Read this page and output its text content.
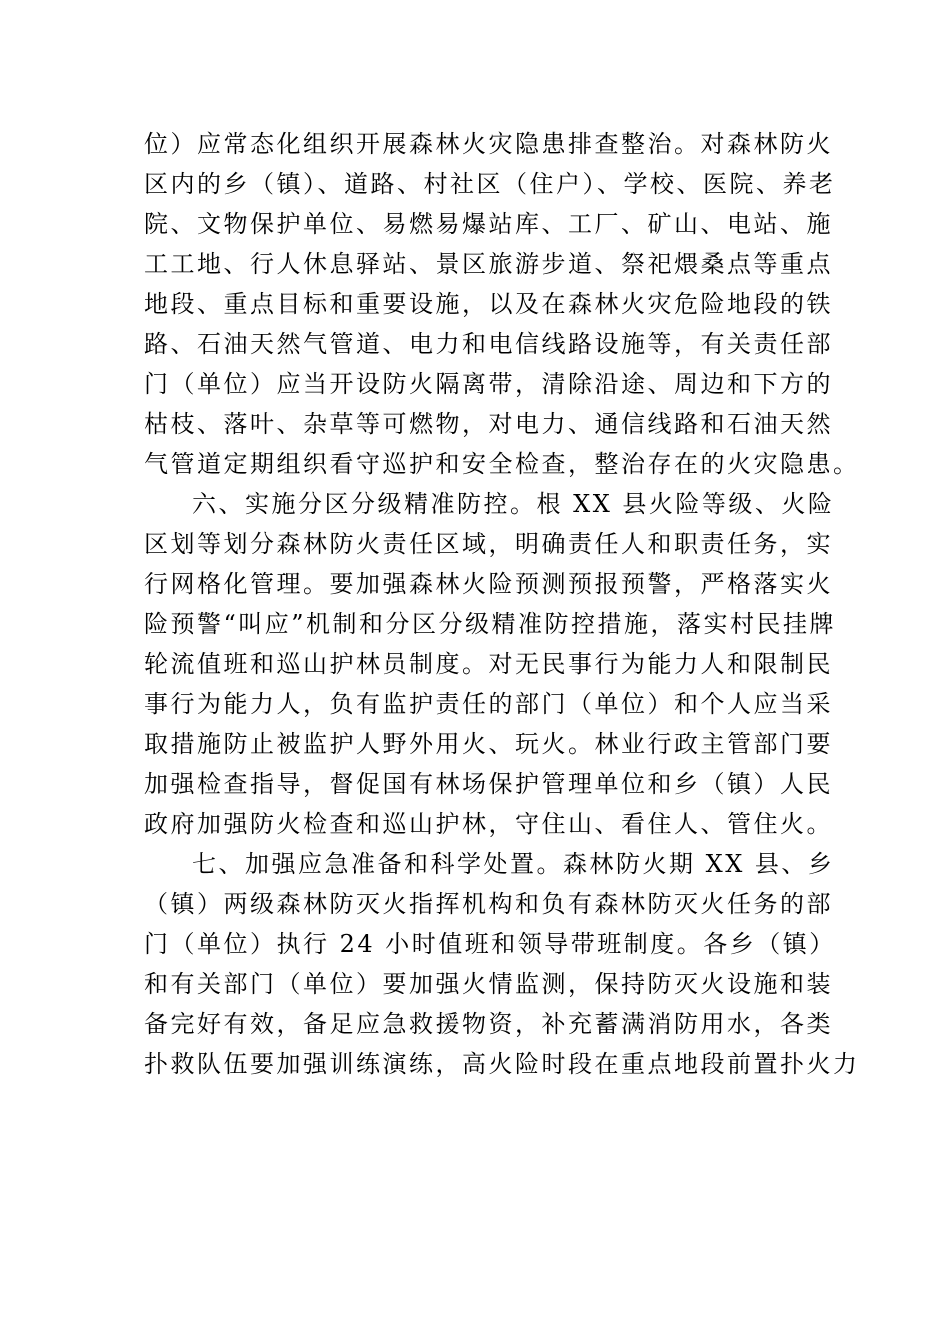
位）应常态化组织开展森林火灾隐患排查整治。对森林防火
区内的乡（镇）、道路、村社区（住户）、学校、医院、养老
院、文物保护单位、易燃易爆站库、工厂、矿山、电站、施
工工地、行人休息驿站、景区旅游步道、祭祀煨桑点等重点
地段、重点目标和重要设施，以及在森林火灾危险地段的铁
路、石油天然气管道、电力和电信线路设施等，有关责任部
门（单位）应当开设防火隔离带，清除沿途、周边和下方的
枯枝、落叶、杂草等可燃物，对电力、通信线路和石油天然
气管道定期组织看守巡护和安全检查，整治存在的火灾隐患。
六、实施分区分级精准防控。根 XX 县火险等级、火险
区划等划分森林防火责任区域，明确责任人和职责任务，实
行网格化管理。要加强森林火险预测预报预警，严格落实火
险预警“叫应”机制和分区分级精准防控措施，落实村民挂牌
轮流值班和巡山护林员制度。对无民事行为能力人和限制民
事行为能力人，负有监护责任的部门（单位）和个人应当采
取措施防止被监护人野外用火、玩火。林业行政主管部门要
加强检查指导，督促国有林场保护管理单位和乡（镇）人民
政府加强防火检查和巡山护林，守住山、看住人、管住火。
七、加强应急准备和科学处置。森林防火期 XX 县、乡
（镇）两级森林防灭火指挥机构和负有森林防灭火任务的部
门（单位）执行 24 小时值班和领导带班制度。各乡（镇）
和有关部门（单位）要加强火情监测，保持防灭火设施和装
备完好有效，备足应急救援物资，补充蓄满消防用水，各类
扑救队伍要加强训练演练，高火险时段在重点地段前置扑火力
